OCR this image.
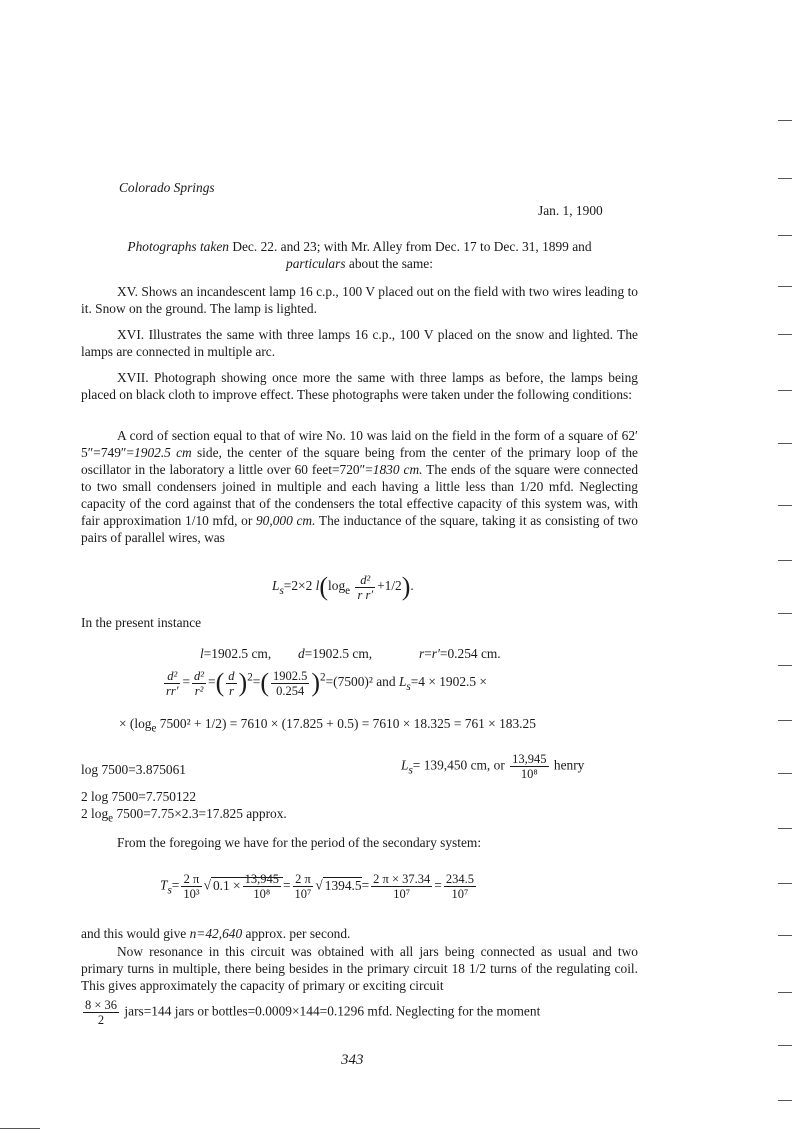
Colorado Springs
Jan. 1, 1900

Photographs taken Dec. 22. and 23; with Mr. Alley from Dec. 17 to Dec. 31, 1899 and
particulars about the same:

XV. Shows an incandescent lamp 16 c.p., 100 V placed out on the field with two wires leading to it. Snow on the ground. The lamp is lighted.
XVI. Illustrates the same with three lamps 16 c.p., 100 V placed on the snow and lighted. The lamps are connected in multiple arc.
XVII. Photograph showing once more the same with three lamps as before, the lamps being placed on black cloth to improve effect. These photographs were taken under the following conditions:
A cord of section equal to that of wire No. 10 was laid on the field in the form of a square of 62′ 5″=749″=1902.5 cm side, the center of the square being from the center of the primary loop of the oscillator in the laboratory a little over 60 feet=720″=1830 cm. The ends of the square were connected to two small condensers joined in multiple and each having a little less than 1/20 mfd. Neglecting capacity of the cord against that of the condensers the total effective capacity of this system was, with fair approximation 1/10 mfd, or 90,000 cm. The inductance of the square, taking it as consisting of two pairs of parallel wires, was
$L_s=2\times 2$ $l(\log_e \frac{\text{d²}}{\text{r r′}} +1/2)$.
In the present instance
l=1902.5 cm, d=1902.5 cm,	r=r′=0.254 cm.
$\frac{\text{d²}}{rr'} = \frac{\text{d²}}{\text{r²}}$ =( $\frac{d}{r} )^2=( \frac{1902.5}{0.254} )^2=(7500)^2$ and $L_s=4 \times 1902.5$ ×
× ($\log_e$ 7500² + 1/2) = 7610 × (17.825 + 0.5) = 7610 × 18.325 = 761 × 183.25
log 7500=3.875061	$L_s= 139,450$ cm, or $\frac{13,945}{\text{10⁸}}$ henry
2 log 7500=7.750122
2 $\log_e 7500=7.75\times 2.3=17.825$ approx.
From the foregoing we have for the period of the secondary system:
$T_s= \frac{2 \pi}{\text{10³}}$ √ $0.1 \times \frac{13,945}{\text{10⁸}} = \frac{2 \pi}{\text{10⁷}}$ √ $1394.5= \frac{2 \pi \times 37.34}{\text{10⁷}} = \frac{234.5}{\text{10⁷}}$
and this would give n=42,640 approx. per second.
Now resonance in this circuit was obtained with all jars being connected as usual and two primary turns in multiple, there being besides in the primary circuit 18 1/2 turns of the regulating coil. This gives approximately the capacity of primary or exciting circuit
$\frac{8 \times 36}{2}$ jars=144 jars or bottles=0.0009×144=0.1296 mfd. Neglecting for the moment
343
